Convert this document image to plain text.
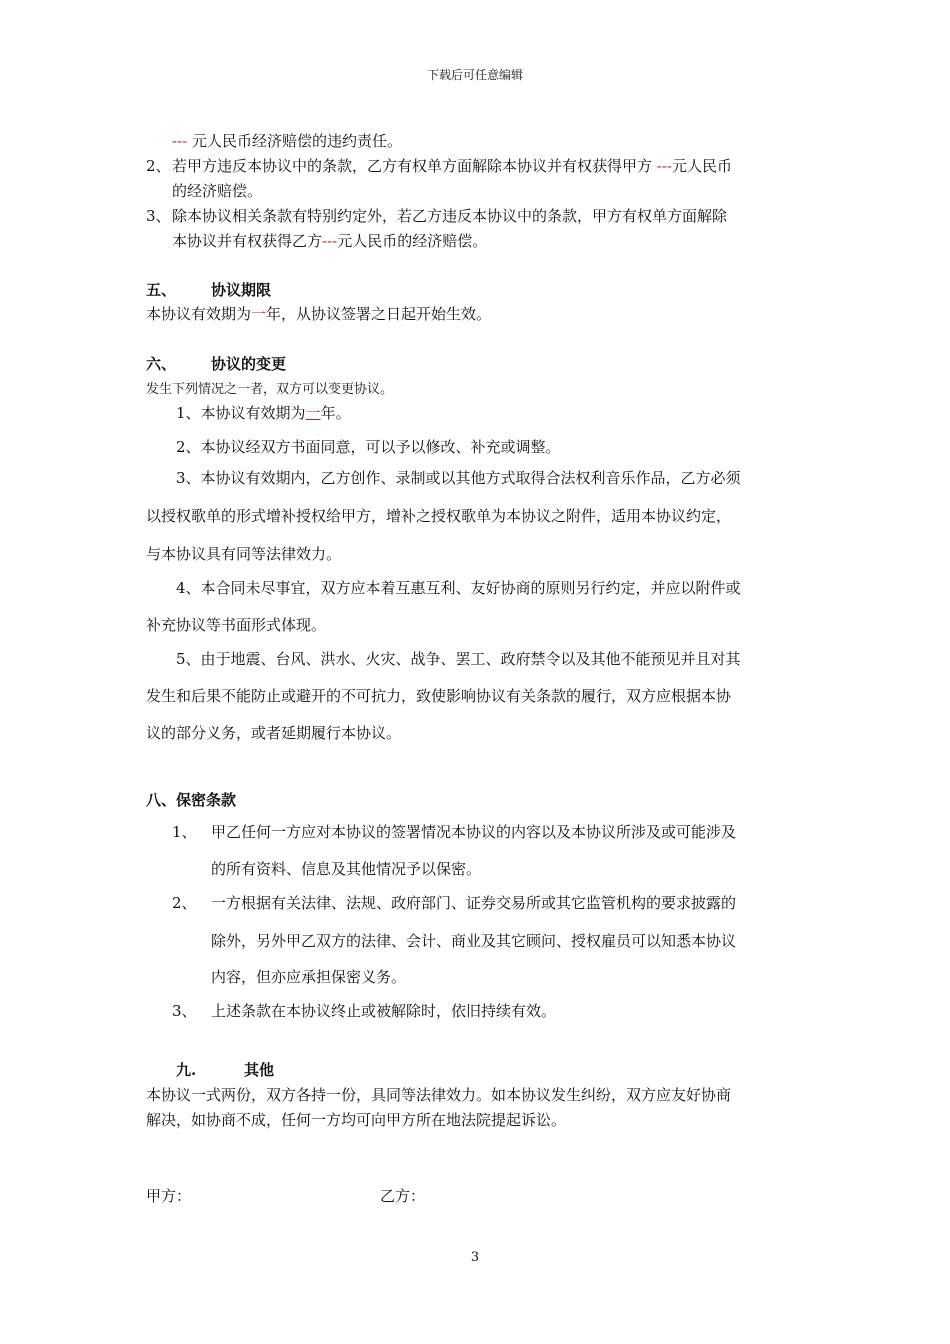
下载后可任意编辑
--- 元人民币经济赔偿的违约责任。
2、 若甲方违反本协议中的条款，乙方有权单方面解除本协议并有权获得甲方 ---元人民币
的经济赔偿。
3、 除本协议相关条款有特别约定外，若乙方违反本协议中的条款，甲方有权单方面解除
本协议并有权获得乙方---元人民币的经济赔偿。
五、 协议期限
本协议有效期为一年，从协议签署之日起开始生效。
六、 协议的变更
发生下列情况之一者，双方可以变更协议。
1、本协议有效期为一年。
2、本协议经双方书面同意，可以予以修改、补充或调整。
3、本协议有效期内，乙方创作、录制或以其他方式取得合法权利音乐作品，乙方必须
以授权歌单的形式增补授权给甲方，增补之授权歌单为本协议之附件，适用本协议约定，
与本协议具有同等法律效力。
4、本合同未尽事宜，双方应本着互惠互利、友好协商的原则另行约定，并应以附件或
补充协议等书面形式体现。
5、由于地震、台风、洪水、火灾、战争、罢工、政府禁令以及其他不能预见并且对其
发生和后果不能防止或避开的不可抗力，致使影响协议有关条款的履行，双方应根据本协
议的部分义务，或者延期履行本协议。
八、保密条款
1、 甲乙任何一方应对本协议的签署情况本协议的内容以及本协议所涉及或可能涉及
的所有资料、信息及其他情况予以保密。
2、 一方根据有关法律、法规、政府部门、证券交易所或其它监管机构的要求披露的
除外，另外甲乙双方的法律、会计、商业及其它顾问、授权雇员可以知悉本协议
内容，但亦应承担保密义务。
3、 上述条款在本协议终止或被解除时，依旧持续有效。
九.	其他
本协议一式两份，双方各持一份，具同等法律效力。如本协议发生纠纷，双方应友好协商
解决，如协商不成，任何一方均可向甲方所在地法院提起诉讼。
甲方：	乙方：
3
